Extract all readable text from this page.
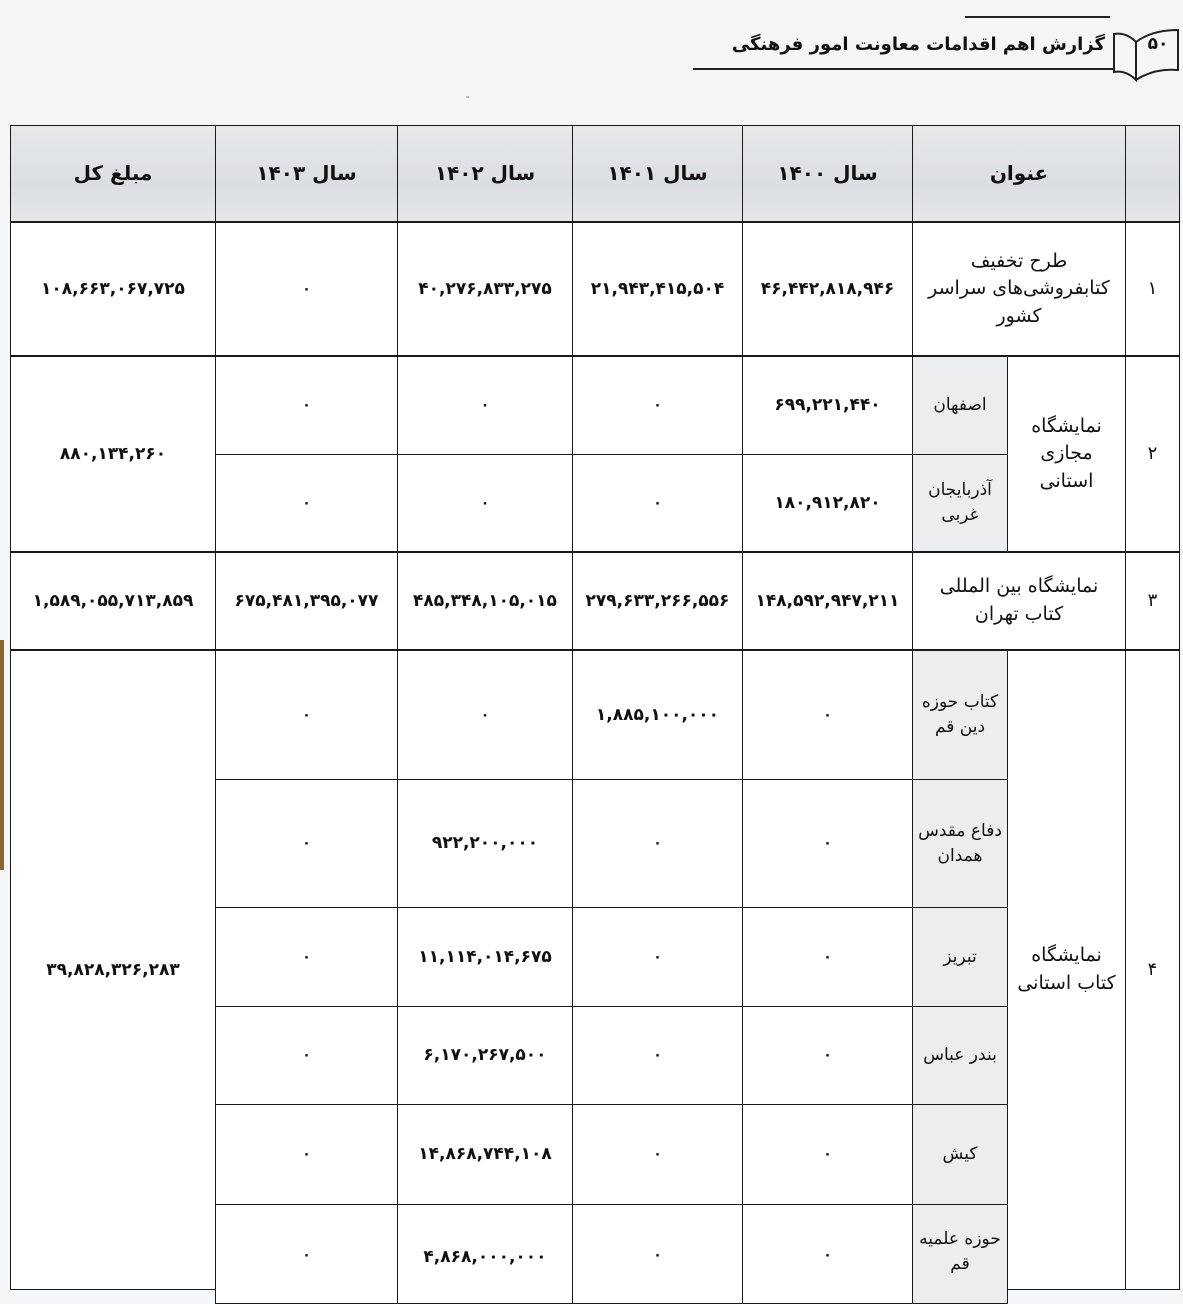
۵۰
گزارش اهم اقدامات معاونت امور فرهنگی
عنوان
سال ۱۴۰۰
سال ۱۴۰۱
سال ۱۴۰۲
سال ۱۴۰۳
مبلغ کل
۱
طرح تخفیف کتابفروشی‌های سراسر کشور
۴۶,۴۴۲,۸۱۸,۹۴۶
۲۱,۹۴۳,۴۱۵,۵۰۴
۴۰,۲۷۶,۸۳۳,۲۷۵
۰
۱۰۸,۶۶۳,۰۶۷,۷۲۵
۲
نمایشگاه مجازی استانی
اصفهان
۶۹۹,۲۲۱,۴۴۰
۰
۰
۰
آذربایجان غربی
۱۸۰,۹۱۲,۸۲۰
۰
۰
۰
۸۸۰,۱۳۴,۲۶۰
۳
نمایشگاه بین المللی کتاب تهران
۱۴۸,۵۹۲,۹۴۷,۲۱۱
۲۷۹,۶۳۳,۲۶۶,۵۵۶
۴۸۵,۳۴۸,۱۰۵,۰۱۵
۶۷۵,۴۸۱,۳۹۵,۰۷۷
۱,۵۸۹,۰۵۵,۷۱۳,۸۵۹
۴
نمایشگاه کتاب استانی
۳۹,۸۲۸,۳۲۶,۲۸۳
کتاب حوزه دین قم
۰
۱,۸۸۵,۱۰۰,۰۰۰
۰
۰
دفاع مقدس همدان
۰
۰
۹۲۲,۲۰۰,۰۰۰
۰
تبریز
۰
۰
۱۱,۱۱۴,۰۱۴,۶۷۵
۰
بندر عباس
۰
۰
۶,۱۷۰,۲۶۷,۵۰۰
۰
کیش
۰
۰
۱۴,۸۶۸,۷۴۴,۱۰۸
۰
حوزه علمیه قم
۰
۰
۴,۸۶۸,۰۰۰,۰۰۰
۰
